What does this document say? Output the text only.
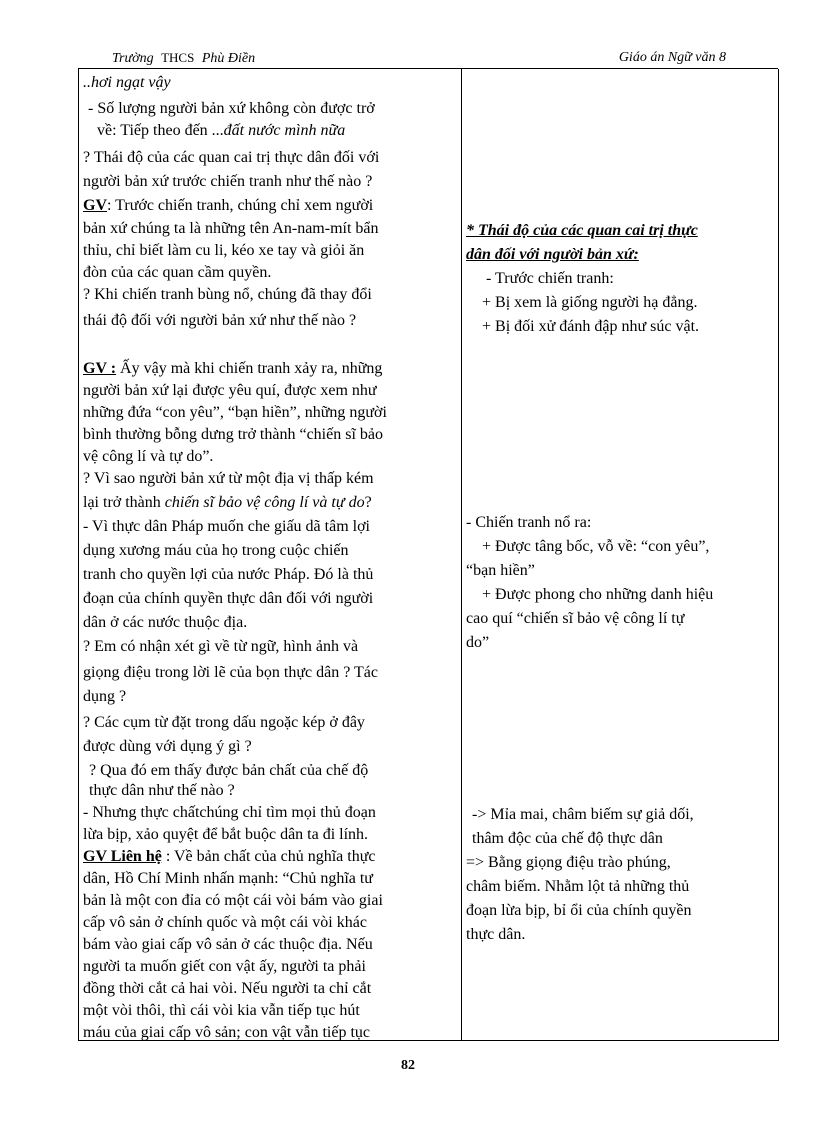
Trường THCS Phù Điền	Giáo án Ngữ văn 8
..hơi ngạt vậy
- Số lượng người bản xứ không còn được trở
về: Tiếp theo đến ...đất nước mình nữa
? Thái độ của các quan cai trị thực dân đối với
người bản xứ trước chiến tranh như thế nào ?
GV: Trước chiến tranh, chúng chỉ xem người
bản xứ chúng ta là những tên An-nam-mít bẩn
thỉu, chỉ biết làm cu li, kéo xe tay và giỏi ăn
đòn của các quan cầm quyền.
? Khi chiến tranh bùng nổ, chúng đã thay đổi
thái độ đối với người bản xứ như thế nào ?
GV : Ấy vậy mà khi chiến tranh xảy ra, những
người bản xứ lại được yêu quí, được xem như
những đứa “con yêu”, “bạn hiền”, những người
bình thường bỗng dưng trở thành “chiến sĩ bảo
vệ công lí và tự do”.
? Vì sao người bản xứ từ một địa vị thấp kém
lại trở thành chiến sĩ bảo vệ công lí và tự do?
- Vì thực dân Pháp muốn che giấu dã tâm lợi
dụng xương máu của họ trong cuộc chiến
tranh cho quyền lợi của nước Pháp. Đó là thủ
đoạn của chính quyền thực dân đối với người
dân ở các nước thuộc địa.
? Em có nhận xét gì về từ ngữ, hình ảnh và
giọng điệu trong lời lẽ của bọn thực dân ? Tác
dụng ?
? Các cụm từ đặt trong dấu ngoặc kép ở đây
được dùng với dụng ý gì ?
? Qua đó em thấy được bản chất của chế độ
thực dân như thế nào ?
- Nhưng thực chấtchúng chỉ tìm mọi thủ đoạn
lừa bịp, xảo quyệt để bắt buộc dân ta đi lính.
GV Liên hệ : Về bản chất của chủ nghĩa thực
dân, Hồ Chí Minh nhấn mạnh: “Chủ nghĩa tư
bản là một con đỉa có một cái vòi bám vào giai
cấp vô sản ở chính quốc và một cái vòi khác
bám vào giai cấp vô sản ở các thuộc địa. Nếu
người ta muốn giết con vật ấy, người ta phải
đồng thời cắt cả hai vòi. Nếu người ta chỉ cắt
một vòi thôi, thì cái vòi kia vẫn tiếp tục hút
máu của giai cấp vô sản; con vật vẫn tiếp tục
* Thái độ của các quan cai trị thực
dân đối với người bản xứ:
- Trước chiến tranh:
+ Bị xem là giống người hạ đẳng.
+ Bị đối xử đánh đập như súc vật.
- Chiến tranh nổ ra:
+ Được tâng bốc, vỗ về: “con yêu”,
“bạn hiền”
+ Được phong cho những danh hiệu
cao quí “chiến sĩ bảo vệ công lí tự
do”
-> Mỉa mai, châm biếm sự giả dối,
thâm độc của chế độ thực dân
=> Bằng giọng điệu trào phúng,
châm biếm. Nhằm lột tả những thủ
đoạn lừa bịp, bỉ ổi của chính quyền
thực dân.
82
